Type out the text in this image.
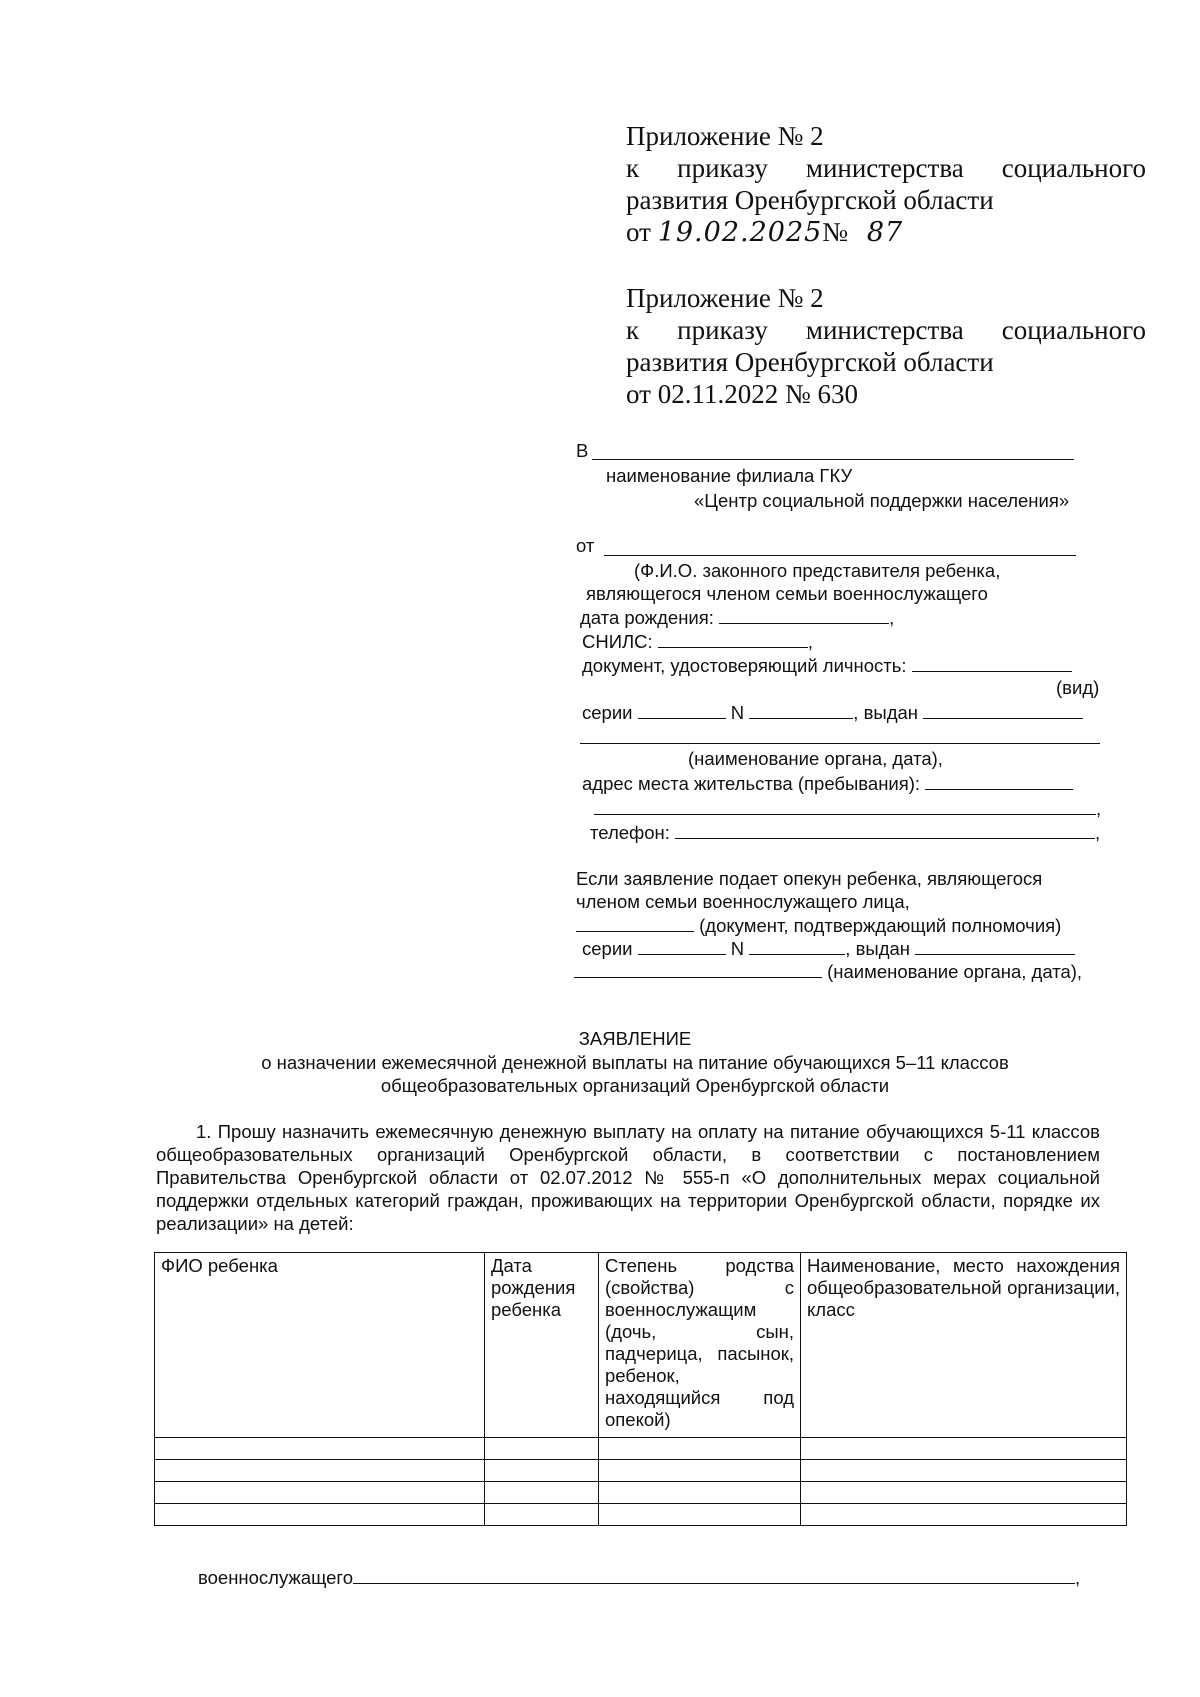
Приложение № 2
к приказу министерства социального
развития Оренбургской области
от 19.02.2025№ 87
Приложение № 2
к приказу министерства социального
развития Оренбургской области
от 02.11.2022 № 630
В
наименование филиала ГКУ
«Центр социальной поддержки населения»
от
(Ф.И.О. законного представителя ребенка,
являющегося членом семьи военнослужащего
дата рождения:	,
СНИЛС:	,
документ, удостоверяющий личность:
(вид)
серии	N	, выдан
(наименование органа, дата),
адрес места жительства (пребывания):
,
телефон:	,
Если заявление подает опекун ребенка, являющегося
членом семьи военнослужащего лица,
(документ, подтверждающий полномочия)
серии	N	, выдан
(наименование органа, дата),
ЗАЯВЛЕНИЕ
о назначении ежемесячной денежной выплаты на питание обучающихся 5–11 классов
общеобразовательных организаций Оренбургской области
1. Прошу назначить ежемесячную денежную выплату на оплату на питание обучающихся 5-11 классов общеобразовательных организаций Оренбургской области, в соответствии с постановлением Правительства Оренбургской области от 02.07.2012 № 555-п «О дополнительных мерах социальной поддержки отдельных категорий граждан, проживающих на территории Оренбургской области, порядке их реализации» на детей:
ФИО ребенка	Дата рождения ребенка	Степень родства (свойства) с военнослужащим (дочь, сын, падчерица, пасынок, ребенок, находящийся под опекой)	Наименование, место нахождения общеобразовательной организации, класс

военнослужащего	,
